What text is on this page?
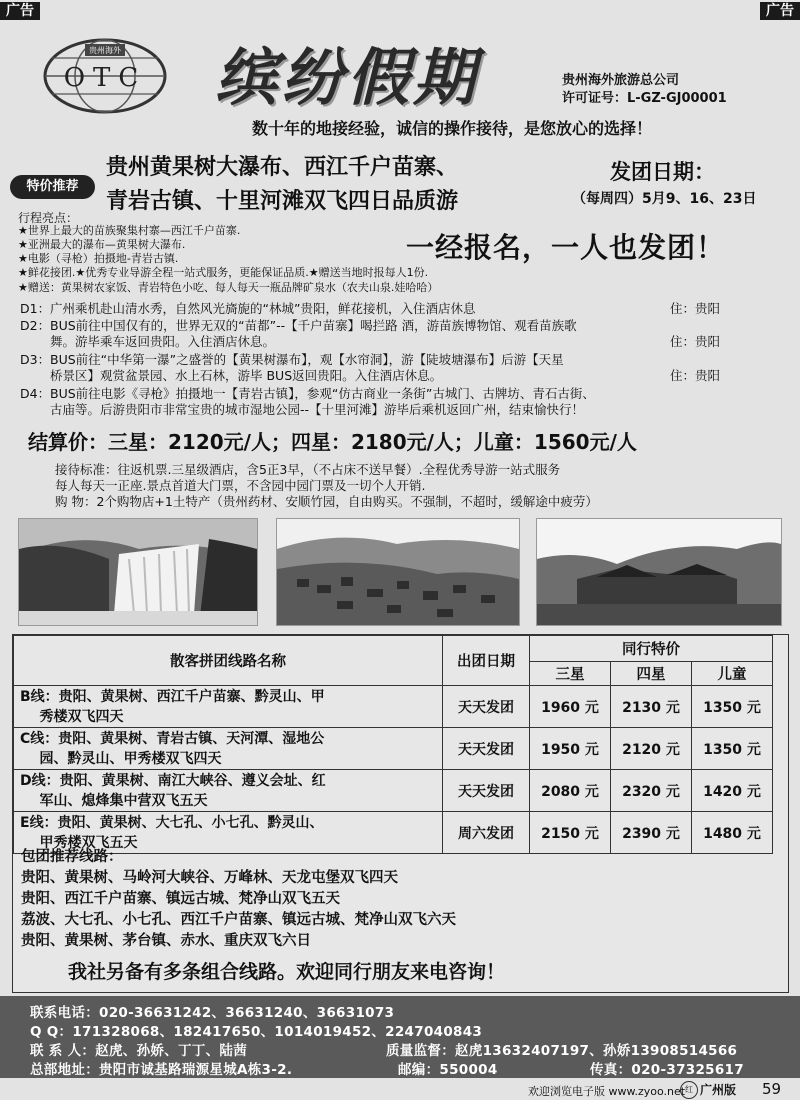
广告	广告
贵州海外
OTC 缤纷假期	贵州海外旅游总公司
许可证号：L-GZ-GJ00001
数十年的地接经验，诚信的操作接待，是您放心的选择！
特价推荐
贵州黄果树大瀑布、西江千户苗寨、
青岩古镇、十里河滩双飞四日品质游
发团日期：
（每周四）5月9、16、23日
行程亮点：
★世界上最大的苗族聚集村寨—西江千户苗寨.
★亚洲最大的瀑布—黄果树大瀑布.
★电影（寻枪）拍摄地-青岩古镇.
★鲜花接团.★优秀专业导游全程一站式服务，更能保证品质.★赠送当地时报每人1份.
★赠送：黄果树农家饭、青岩特色小吃、每人每天一瓶品牌矿泉水（农夫山泉.娃哈哈）
一经报名，一人也发团！
D1：广州乘机赴山清水秀，自然风光旖旎的“林城”贵阳，鲜花接机，入住酒店休息	住：贵阳
D2：BUS前往中国仅有的，世界无双的“苗都”--【千户苗寨】喝拦路 酒，游苗族博物馆、观看苗族歌
舞。游毕乘车返回贵阳。入住酒店休息。	住：贵阳
D3：BUS前往“中华第一瀑”之盛誉的【黄果树瀑布】，观【水帘洞】，游【陡坡塘瀑布】后游【天星
桥景区】观赏盆景园、水上石林，游毕 BUS返回贵阳。入住酒店休息。	住：贵阳
D4：BUS前往电影《寻枪》拍摄地一【青岩古镇】，参观“仿古商业一条街”古城门、古牌坊、青石古街、
古庙等。后游贵阳市非常宝贵的城市湿地公园--【十里河滩】游毕后乘机返回广州，结束愉快行！
结算价：三星：2120元/人；四星：2180元/人；儿童：1560元/人
接待标准：往返机票.三星级酒店，含5正3早，（不占床不送早餐）.全程优秀导游一站式服务
每人每天一正座.景点首道大门票，不含园中园门票及一切个人开销.
购 物：2个购物店+1土特产（贵州药材、安顺竹园，自由购买。不强制，不超时，缓解途中疲劳）
散客拼团线路名称	出团日期	同行特价		
		三星	四星	儿童
B线：贵阳、黄果树、西江千户苗寨、黔灵山、甲
秀楼双飞四天	天天发团	1960 元	2130 元	1350 元
C线：贵阳、黄果树、青岩古镇、天河潭、湿地公
园、黔灵山、甲秀楼双飞四天	天天发团	1950 元	2120 元	1350 元
D线：贵阳、黄果树、南江大峡谷、遵义会址、红
军山、熄烽集中营双飞五天	天天发团	2080 元	2320 元	1420 元
E线：贵阳、黄果树、大七孔、小七孔、黔灵山、
甲秀楼双飞五天	周六发团	2150 元	2390 元	1480 元
包团推荐线路：
贵阳、黄果树、马岭河大峡谷、万峰林、天龙屯堡双飞四天
贵阳、西江千户苗寨、镇远古城、梵净山双飞五天
荔波、大七孔、小七孔、西江千户苗寨、镇远古城、梵净山双飞六天
贵阳、黄果树、茅台镇、赤水、重庆双飞六日
我社另备有多条组合线路。欢迎同行朋友来电咨询！
联系电话：020-36631242、36631240、36631073
Q Q：171328068、182417650、1014019452、2247040843
联 系 人：赵虎、孙娇、丁丁、陆茜	质量监督：赵虎13632407197、孙娇13908514566
总部地址：贵阳市诚基路瑞源星城A栋3-2.	邮编：550004	传真：020-37325617
欢迎浏览电子版 www.zyoo.net 红 广州版 59
